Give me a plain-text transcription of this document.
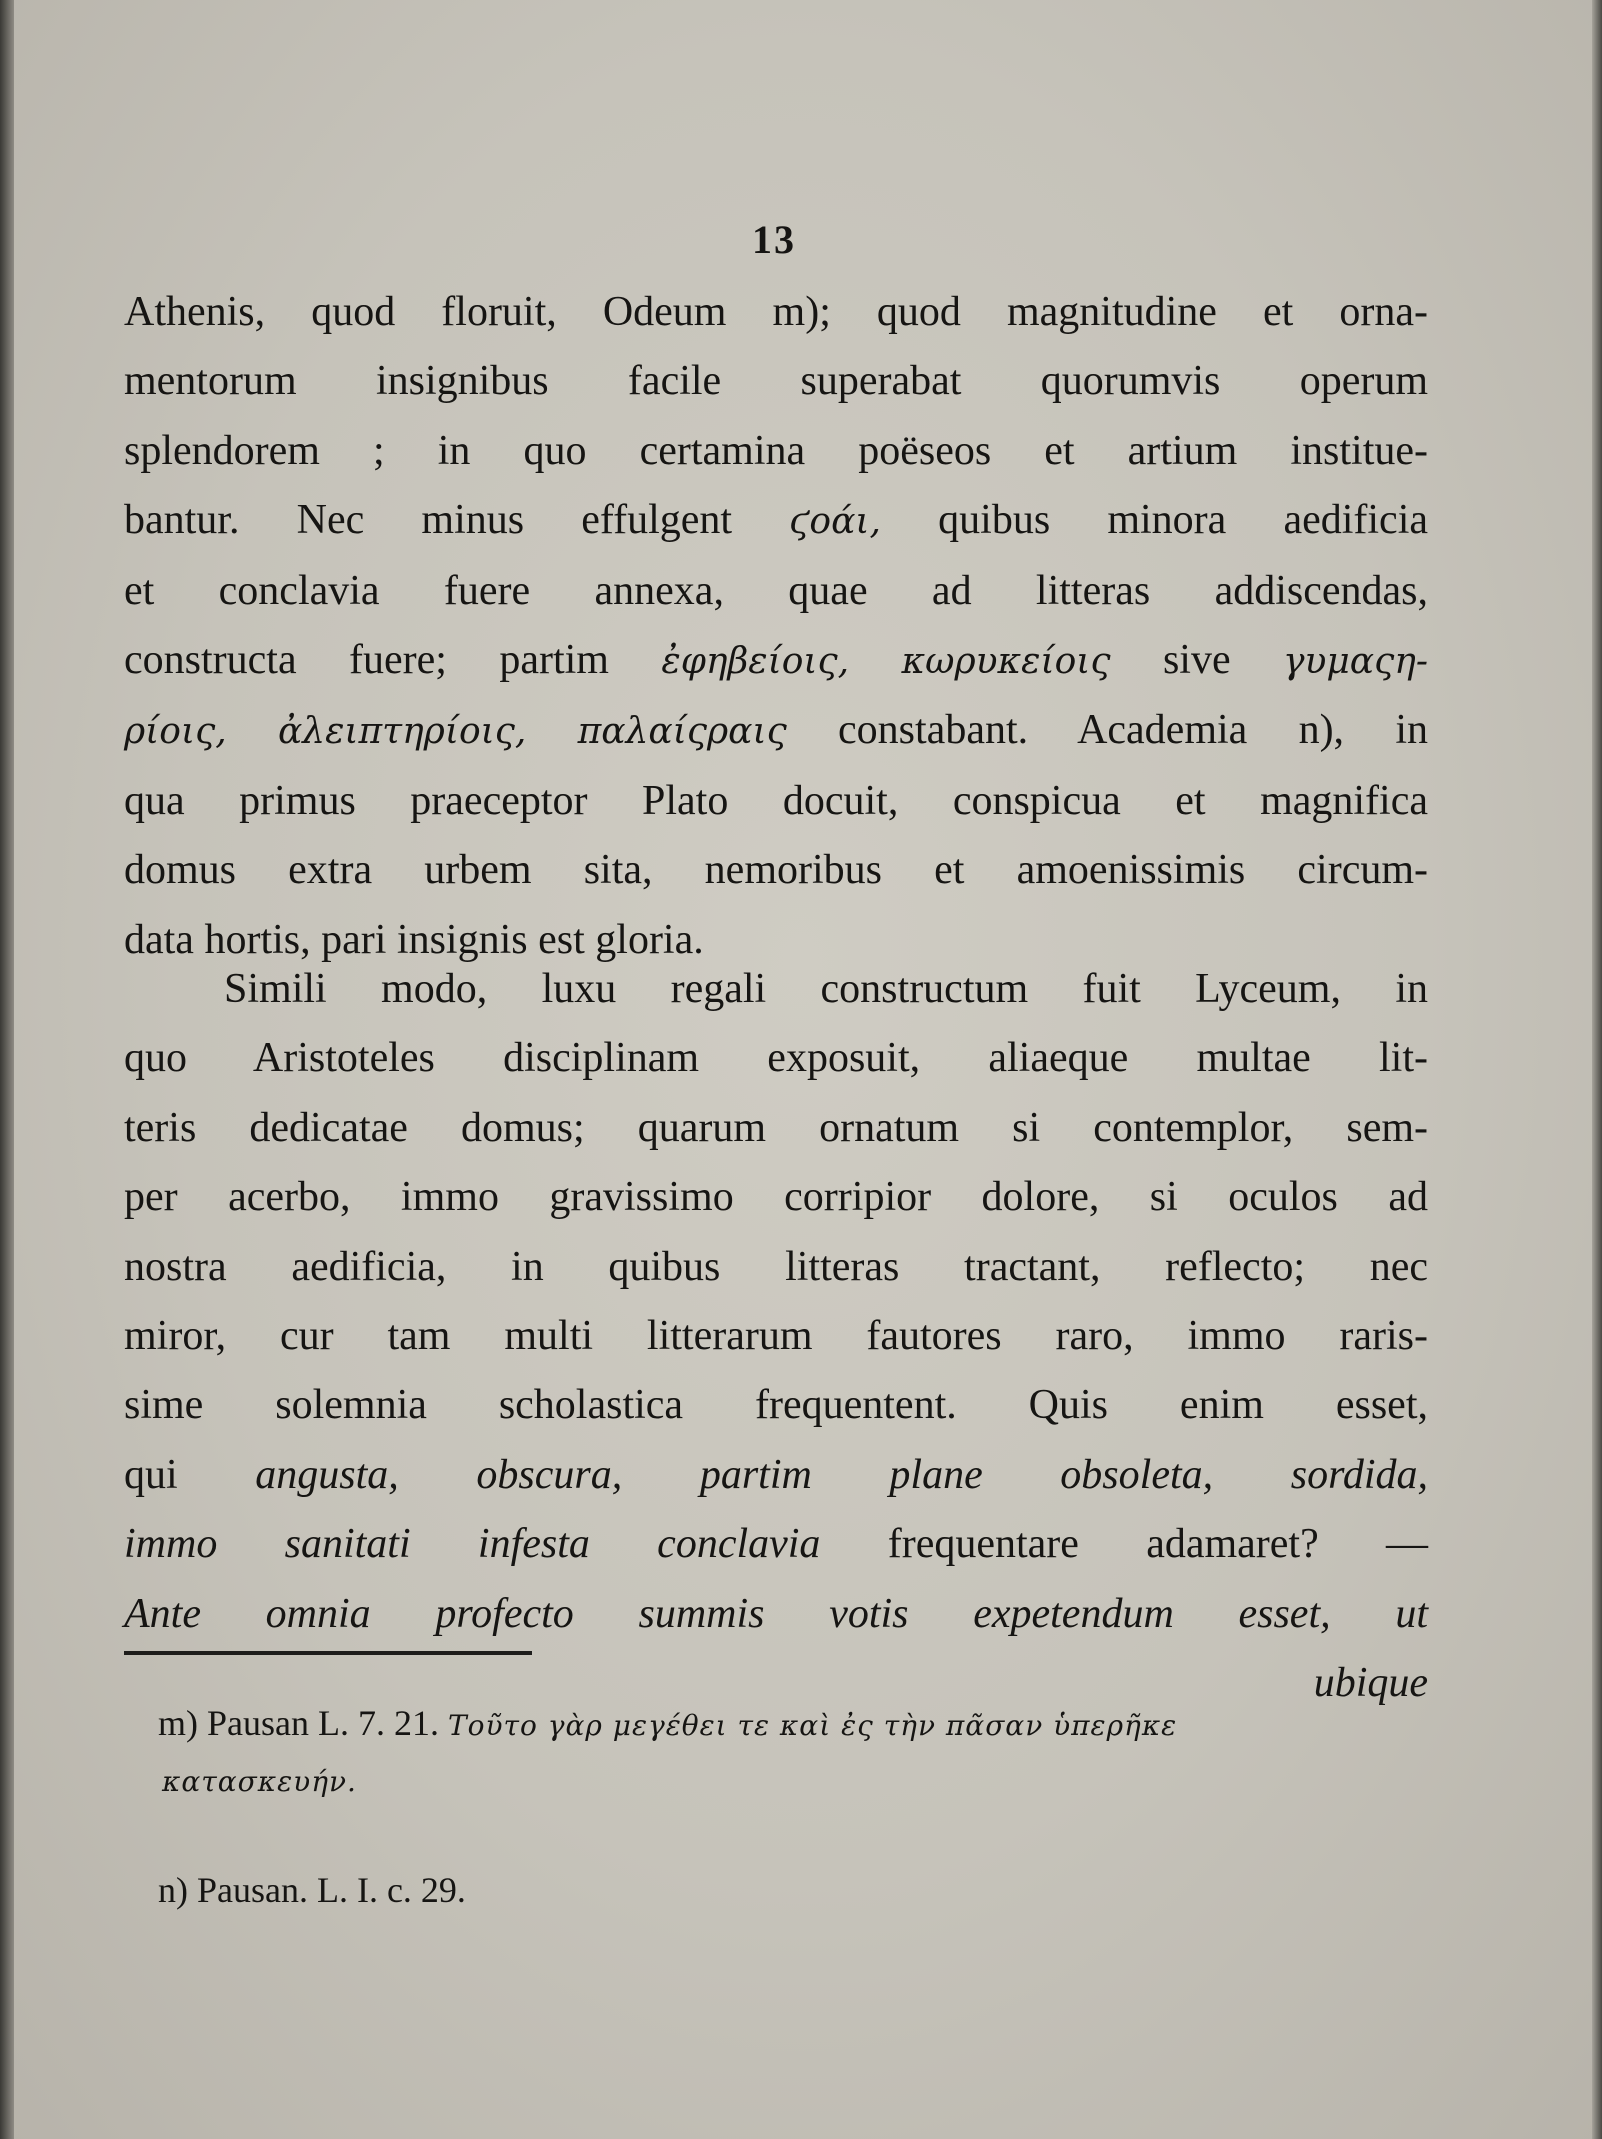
13
Athenis, quod floruit, Odeum m); quod magnitudine et orna-
mentorum insignibus facile superabat quorumvis operum
splendorem ; in quo certamina poëseos et artium institue-
bantur. Nec minus effulgent ϛοάι, quibus minora aedificia
et conclavia fuere annexa, quae ad litteras addiscendas,
constructa fuere; partim ἐφηβείοις, κωρυκείοις sive γυμαςη-
ρίοις, ἀλειπτηρίοις, παλαίςραις constabant. Academia n), in
qua primus praeceptor Plato docuit, conspicua et magnifica
domus extra urbem sita, nemoribus et amoenissimis circum-
data hortis, pari insignis est gloria.
Simili modo, luxu regali constructum fuit Lyceum, in
quo Aristoteles disciplinam exposuit, aliaeque multae lit-
teris dedicatae domus; quarum ornatum si contemplor, sem-
per acerbo, immo gravissimo corripior dolore, si oculos ad
nostra aedificia, in quibus litteras tractant, reflecto; nec
miror, cur tam multi litterarum fautores raro, immo raris-
sime solemnia scholastica frequentent. Quis enim esset,
qui angusta, obscura, partim plane obsoleta, sordida,
immo sanitati infesta conclavia frequentare adamaret? —
Ante omnia profecto summis votis expetendum esset, ut
ubique
m) Pausan L. 7. 21. Τοῦτο γὰρ μεγέθει τε καὶ ἐς τὴν πᾶσαν ὑπερῆκε
κατασκευήν.
n) Pausan. L. I. c. 29.
